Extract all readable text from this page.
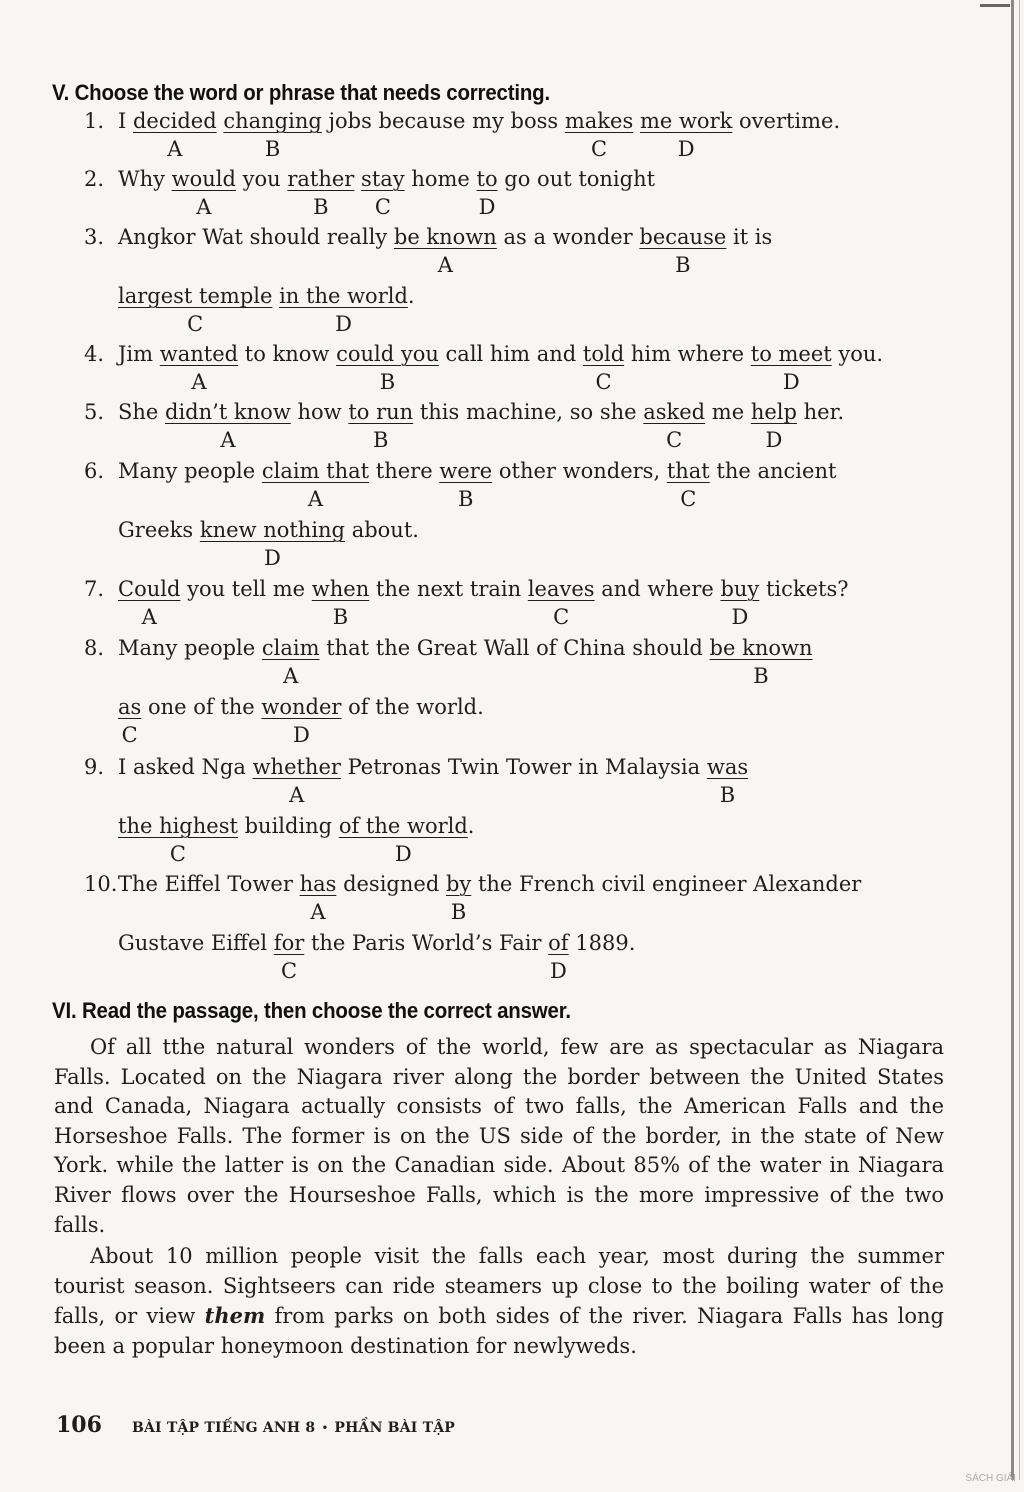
V. Choose the word or phrase that needs correcting.
1. I decided changing jobs because my boss makes me work overtime.
2. Why would you rather stay home to go out tonight
3. Angkor Wat should really be known as a wonder because it is
largest temple in the world.
4. Jim wanted to know could you call him and told him where to meet you.
5. She didn’t know how to run this machine, so she asked me help her.
6. Many people claim that there were other wonders, that the ancient
Greeks knew nothing about.
7. Could you tell me when the next train leaves and where buy tickets?
8. Many people claim that the Great Wall of China should be known
as one of the wonder of the world.
9. I asked Nga whether Petronas Twin Tower in Malaysia was
the highest building of the world.
10. The Eiffel Tower has designed by the French civil engineer Alexander
Gustave Eiffel for the Paris World’s Fair of 1889.
VI. Read the passage, then choose the correct answer.

Of all tthe natural wonders of the world, few are as spectacular as Niagara Falls. Located on the Niagara river along the border between the United States and Canada, Niagara actually consists of two falls, the American Falls and the Horseshoe Falls. The former is on the US side of the border, in the state of New York. while the latter is on the Canadian side. About 85% of the water in Niagara River flows over the Hourseshoe Falls, which is the more impressive of the two falls.

About 10 million people visit the falls each year, most during the summer tourist season. Sightseers can ride steamers up close to the boiling water of the falls, or view them from parks on both sides of the river. Niagara Falls has long been a popular honeymoon destination for newlyweds.

106 BÀI TẬP TIẾNG ANH 8 • PHẦN BÀI TẬP
SÁCH GIẢI
A	B	C	D
A	B C	D
A	B
C	D
A	B	C	D
A	B	C	D
A	B	C
D
A	B	C	D
A	B
C	D
A	B
C	D
A	B
C	D
